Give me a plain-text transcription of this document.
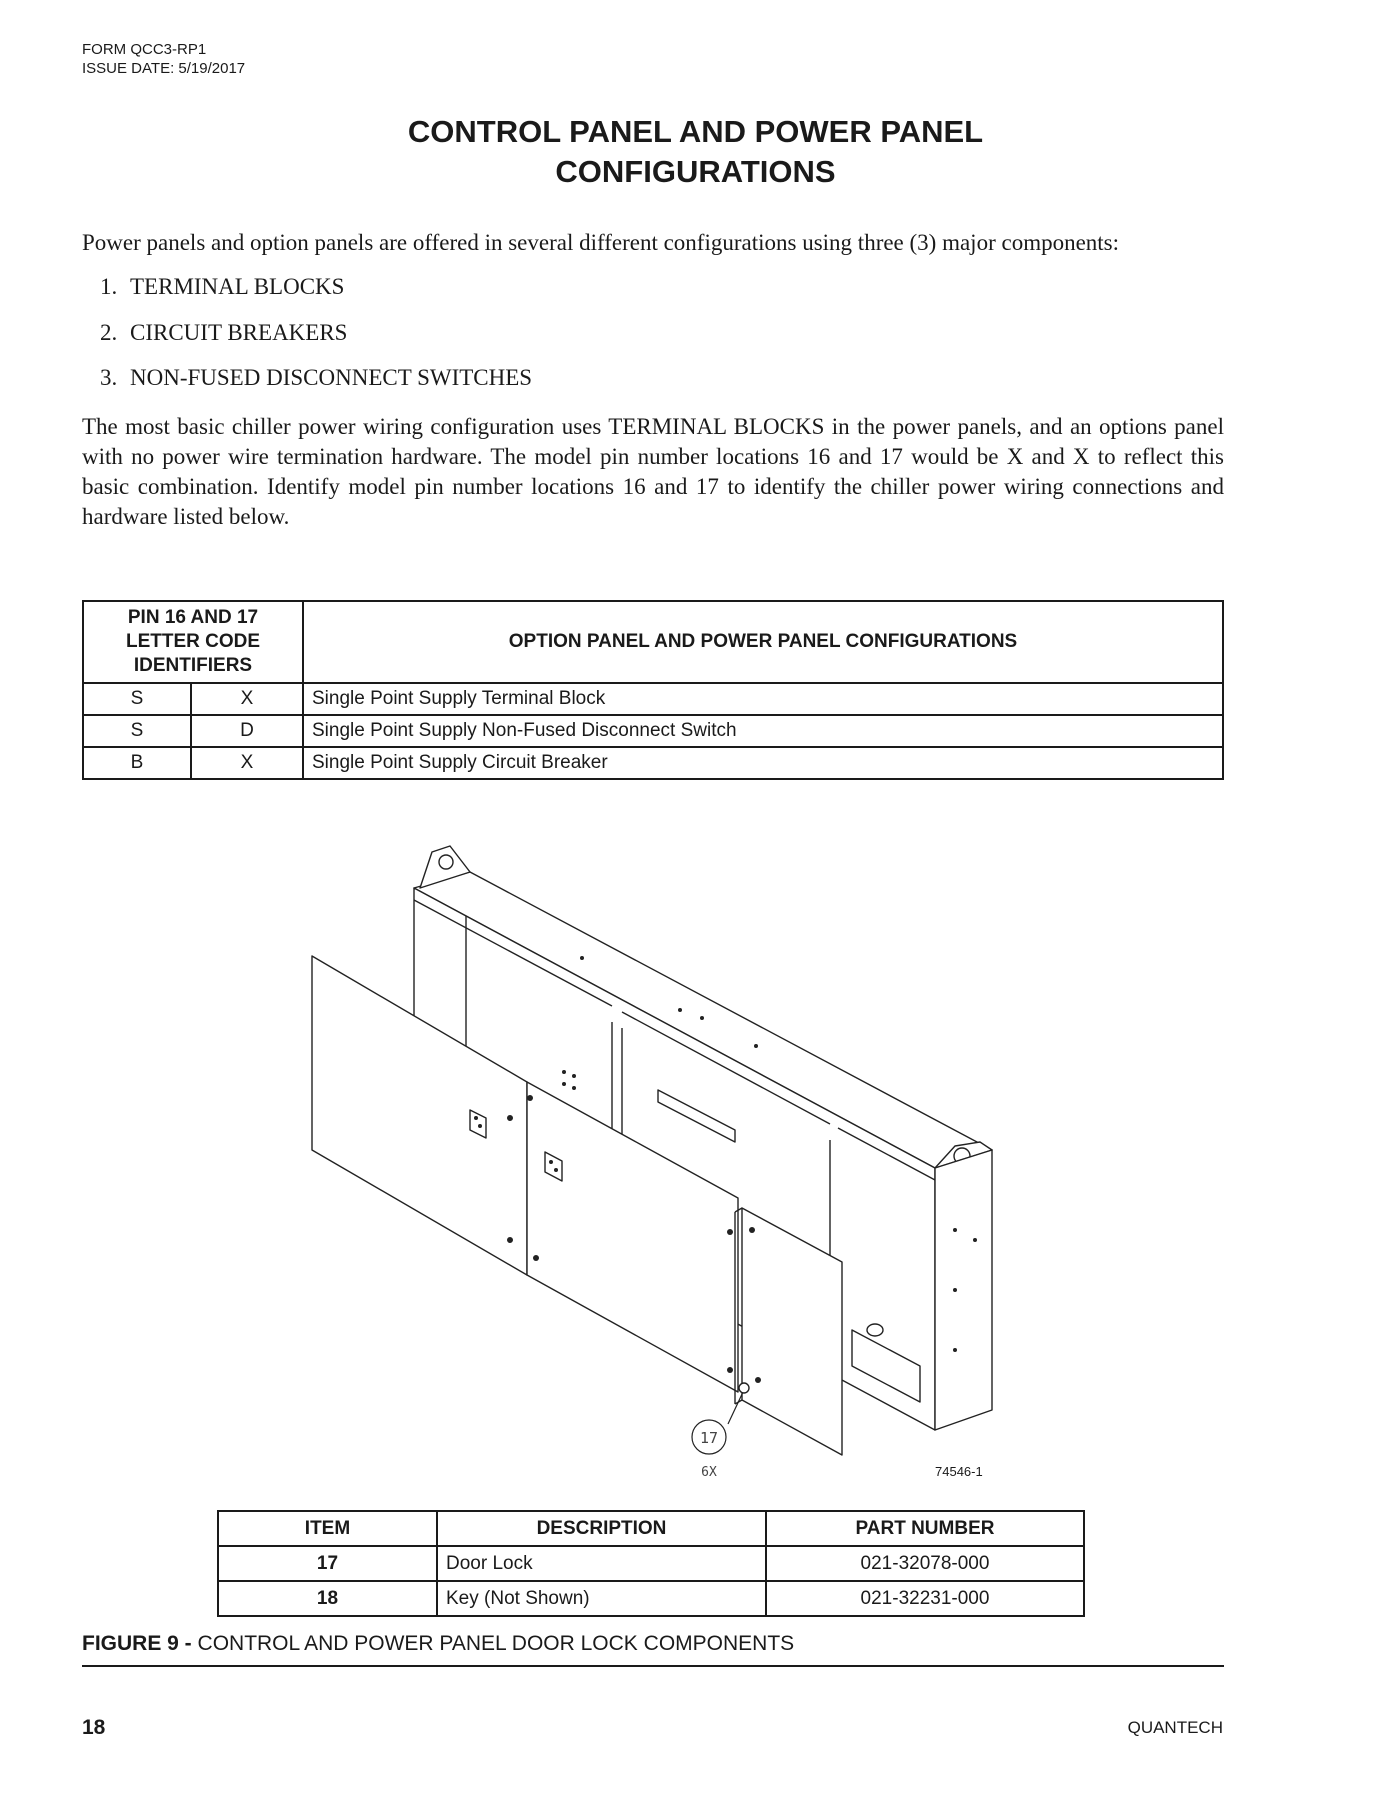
FORM QCC3-RP1
ISSUE DATE: 5/19/2017
CONTROL PANEL AND POWER PANEL
CONFIGURATIONS
Power panels and option panels are offered in several different configurations using three (3) major components:
1. TERMINAL BLOCKS
2. CIRCUIT BREAKERS
3. NON-FUSED DISCONNECT SWITCHES
The most basic chiller power wiring configuration uses TERMINAL BLOCKS in the power panels, and an options panel with no power wire termination hardware. The model pin number locations 16 and 17 would be X and X to reflect this basic combination. Identify model pin number locations 16 and 17 to identify the chiller power wiring connections and hardware listed below.
PIN 16 AND 17 LETTER CODE IDENTIFIERS		OPTION PANEL AND POWER PANEL CONFIGURATIONS
S	X	Single Point Supply Terminal Block
S	D	Single Point Supply Non-Fused Disconnect Switch
B	X	Single Point Supply Circuit Breaker
17
6X	74546-1
ITEM	DESCRIPTION	PART NUMBER
17	Door Lock	021-32078-000
18	Key (Not Shown)	021-32231-000
FIGURE 9 - CONTROL AND POWER PANEL DOOR LOCK COMPONENTS
18	QUANTECH
